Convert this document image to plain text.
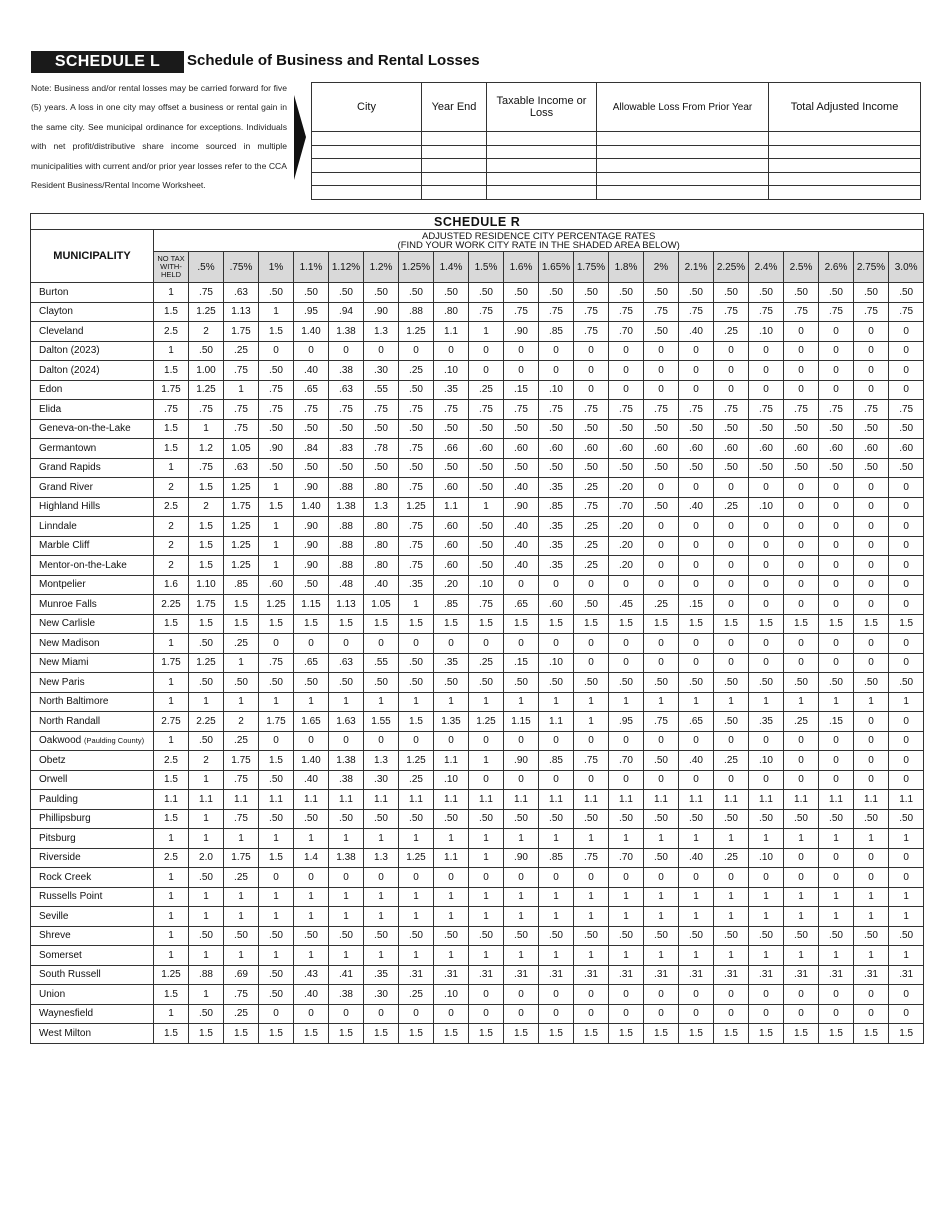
SCHEDULE L	Schedule of Business and Rental Losses
Note: Business and/or rental losses may be carried forward for five (5) years. A loss in one city may offset a business or rental gain in the same city. See municipal ordinance for exceptions. Individuals with net profit/distributive share income sourced in multiple municipalities with current and/or prior year losses refer to the CCA Resident Business/Rental Income Worksheet.
City	Year End	Taxable Income or Loss	Allowable Loss From Prior Year	Total Adjusted Income

SCHEDULE R																						
MUNICIPALITY	ADJUSTED RESIDENCE CITY PERCENTAGE RATES
(FIND YOUR WORK CITY RATE IN THE SHADED AREA BELOW)																					

	NO TAX WITH-HELD	.5%	.75%	1%	1.1%	1.12%	1.2%	1.25%	1.4%	1.5%	1.6%	1.65%	1.75%	1.8%	2%	2.1%	2.25%	2.4%	2.5%	2.6%	2.75%	3.0%
Burton	1	.75	.63	.50	.50	.50	.50	.50	.50	.50	.50	.50	.50	.50	.50	.50	.50	.50	.50	.50	.50	.50
Clayton	1.5	1.25	1.13	1	.95	.94	.90	.88	.80	.75	.75	.75	.75	.75	.75	.75	.75	.75	.75	.75	.75	.75
Cleveland	2.5	2	1.75	1.5	1.40	1.38	1.3	1.25	1.1	1	.90	.85	.75	.70	.50	.40	.25	.10	0	0	0	0
Dalton (2023)	1	.50	.25	0	0	0	0	0	0	0	0	0	0	0	0	0	0	0	0	0	0	0
Dalton (2024)	1.5	1.00	.75	.50	.40	.38	.30	.25	.10	0	0	0	0	0	0	0	0	0	0	0	0	0
Edon	1.75	1.25	1	.75	.65	.63	.55	.50	.35	.25	.15	.10	0	0	0	0	0	0	0	0	0	0
Elida	.75	.75	.75	.75	.75	.75	.75	.75	.75	.75	.75	.75	.75	.75	.75	.75	.75	.75	.75	.75	.75	.75
Geneva-on-the-Lake	1.5	1	.75	.50	.50	.50	.50	.50	.50	.50	.50	.50	.50	.50	.50	.50	.50	.50	.50	.50	.50	.50
Germantown	1.5	1.2	1.05	.90	.84	.83	.78	.75	.66	.60	.60	.60	.60	.60	.60	.60	.60	.60	.60	.60	.60	.60
Grand Rapids	1	.75	.63	.50	.50	.50	.50	.50	.50	.50	.50	.50	.50	.50	.50	.50	.50	.50	.50	.50	.50	.50
Grand River	2	1.5	1.25	1	.90	.88	.80	.75	.60	.50	.40	.35	.25	.20	0	0	0	0	0	0	0	0
Highland Hills	2.5	2	1.75	1.5	1.40	1.38	1.3	1.25	1.1	1	.90	.85	.75	.70	.50	.40	.25	.10	0	0	0	0
Linndale	2	1.5	1.25	1	.90	.88	.80	.75	.60	.50	.40	.35	.25	.20	0	0	0	0	0	0	0	0
Marble Cliff	2	1.5	1.25	1	.90	.88	.80	.75	.60	.50	.40	.35	.25	.20	0	0	0	0	0	0	0	0
Mentor-on-the-Lake	2	1.5	1.25	1	.90	.88	.80	.75	.60	.50	.40	.35	.25	.20	0	0	0	0	0	0	0	0
Montpelier	1.6	1.10	.85	.60	.50	.48	.40	.35	.20	.10	0	0	0	0	0	0	0	0	0	0	0	0
Munroe Falls	2.25	1.75	1.5	1.25	1.15	1.13	1.05	1	.85	.75	.65	.60	.50	.45	.25	.15	0	0	0	0	0	0
New Carlisle	1.5	1.5	1.5	1.5	1.5	1.5	1.5	1.5	1.5	1.5	1.5	1.5	1.5	1.5	1.5	1.5	1.5	1.5	1.5	1.5	1.5	1.5
New Madison	1	.50	.25	0	0	0	0	0	0	0	0	0	0	0	0	0	0	0	0	0	0	0
New Miami	1.75	1.25	1	.75	.65	.63	.55	.50	.35	.25	.15	.10	0	0	0	0	0	0	0	0	0	0
New Paris	1	.50	.50	.50	.50	.50	.50	.50	.50	.50	.50	.50	.50	.50	.50	.50	.50	.50	.50	.50	.50	.50
North Baltimore	1	1	1	1	1	1	1	1	1	1	1	1	1	1	1	1	1	1	1	1	1	1
North Randall	2.75	2.25	2	1.75	1.65	1.63	1.55	1.5	1.35	1.25	1.15	1.1	1	.95	.75	.65	.50	.35	.25	.15	0	0
Oakwood (Paulding County)	1	.50	.25	0	0	0	0	0	0	0	0	0	0	0	0	0	0	0	0	0	0	0
Obetz	2.5	2	1.75	1.5	1.40	1.38	1.3	1.25	1.1	1	.90	.85	.75	.70	.50	.40	.25	.10	0	0	0	0
Orwell	1.5	1	.75	.50	.40	.38	.30	.25	.10	0	0	0	0	0	0	0	0	0	0	0	0	0
Paulding	1.1	1.1	1.1	1.1	1.1	1.1	1.1	1.1	1.1	1.1	1.1	1.1	1.1	1.1	1.1	1.1	1.1	1.1	1.1	1.1	1.1	1.1
Phillipsburg	1.5	1	.75	.50	.50	.50	.50	.50	.50	.50	.50	.50	.50	.50	.50	.50	.50	.50	.50	.50	.50	.50
Pitsburg	1	1	1	1	1	1	1	1	1	1	1	1	1	1	1	1	1	1	1	1	1	1
Riverside	2.5	2.0	1.75	1.5	1.4	1.38	1.3	1.25	1.1	1	.90	.85	.75	.70	.50	.40	.25	.10	0	0	0	0
Rock Creek	1	.50	.25	0	0	0	0	0	0	0	0	0	0	0	0	0	0	0	0	0	0	0
Russells Point	1	1	1	1	1	1	1	1	1	1	1	1	1	1	1	1	1	1	1	1	1	1
Seville	1	1	1	1	1	1	1	1	1	1	1	1	1	1	1	1	1	1	1	1	1	1
Shreve	1	.50	.50	.50	.50	.50	.50	.50	.50	.50	.50	.50	.50	.50	.50	.50	.50	.50	.50	.50	.50	.50
Somerset	1	1	1	1	1	1	1	1	1	1	1	1	1	1	1	1	1	1	1	1	1	1
South Russell	1.25	.88	.69	.50	.43	.41	.35	.31	.31	.31	.31	.31	.31	.31	.31	.31	.31	.31	.31	.31	.31	.31
Union	1.5	1	.75	.50	.40	.38	.30	.25	.10	0	0	0	0	0	0	0	0	0	0	0	0	0
Waynesfield	1	.50	.25	0	0	0	0	0	0	0	0	0	0	0	0	0	0	0	0	0	0	0
West Milton	1.5	1.5	1.5	1.5	1.5	1.5	1.5	1.5	1.5	1.5	1.5	1.5	1.5	1.5	1.5	1.5	1.5	1.5	1.5	1.5	1.5	1.5
